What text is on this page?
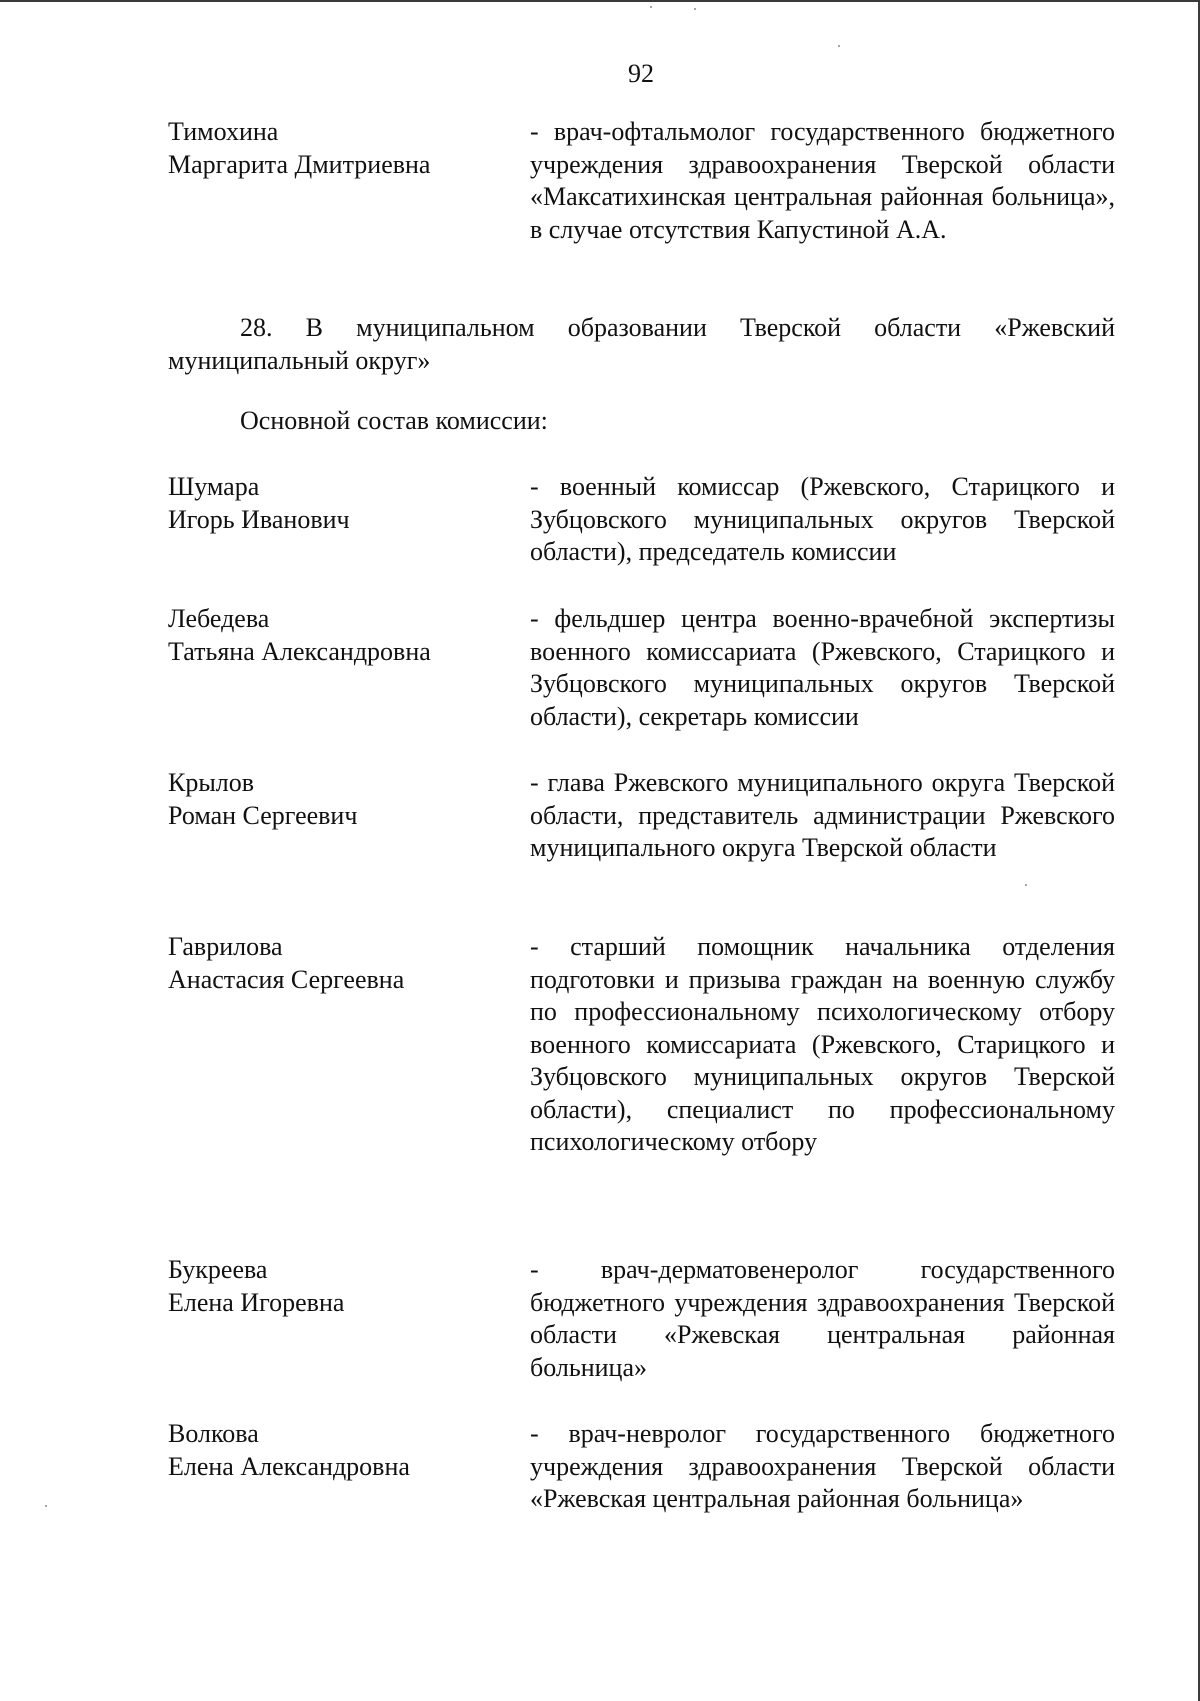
92
Тимохина
Маргарита Дмитриевна
- врач-офтальмолог государственного бюджетного учреждения здравоохранения Тверской области «Максатихинская центральная районная больница», в случае отсутствия Капустиной А.А.
28. В муниципальном образовании Тверской области «Ржевский муниципальный округ»
Основной состав комиссии:
Шумара
Игорь Иванович
- военный комиссар (Ржевского, Старицкого и Зубцовского муниципальных округов Тверской области), председатель комиссии
Лебедева
Татьяна Александровна
- фельдшер центра военно-врачебной экспертизы военного комиссариата (Ржевского, Старицкого и Зубцовского муниципальных округов Тверской области), секретарь комиссии
Крылов
Роман Сергеевич
- глава Ржевского муниципального округа Тверской области, представитель администрации Ржевского муниципального округа Тверской области
Гаврилова
Анастасия Сергеевна
- старший помощник начальника отделения подготовки и призыва граждан на военную службу по профессиональному психологическому отбору военного комиссариата (Ржевского, Старицкого и Зубцовского муниципальных округов Тверской области), специалист по профессиональному психологическому отбору
Букреева
Елена Игоревна
- врач-дерматовенеролог государственного бюджетного учреждения здравоохранения Тверской области «Ржевская центральная районная больница»
Волкова
Елена Александровна
- врач-невролог государственного бюджетного учреждения здравоохранения Тверской области «Ржевская центральная районная больница»
